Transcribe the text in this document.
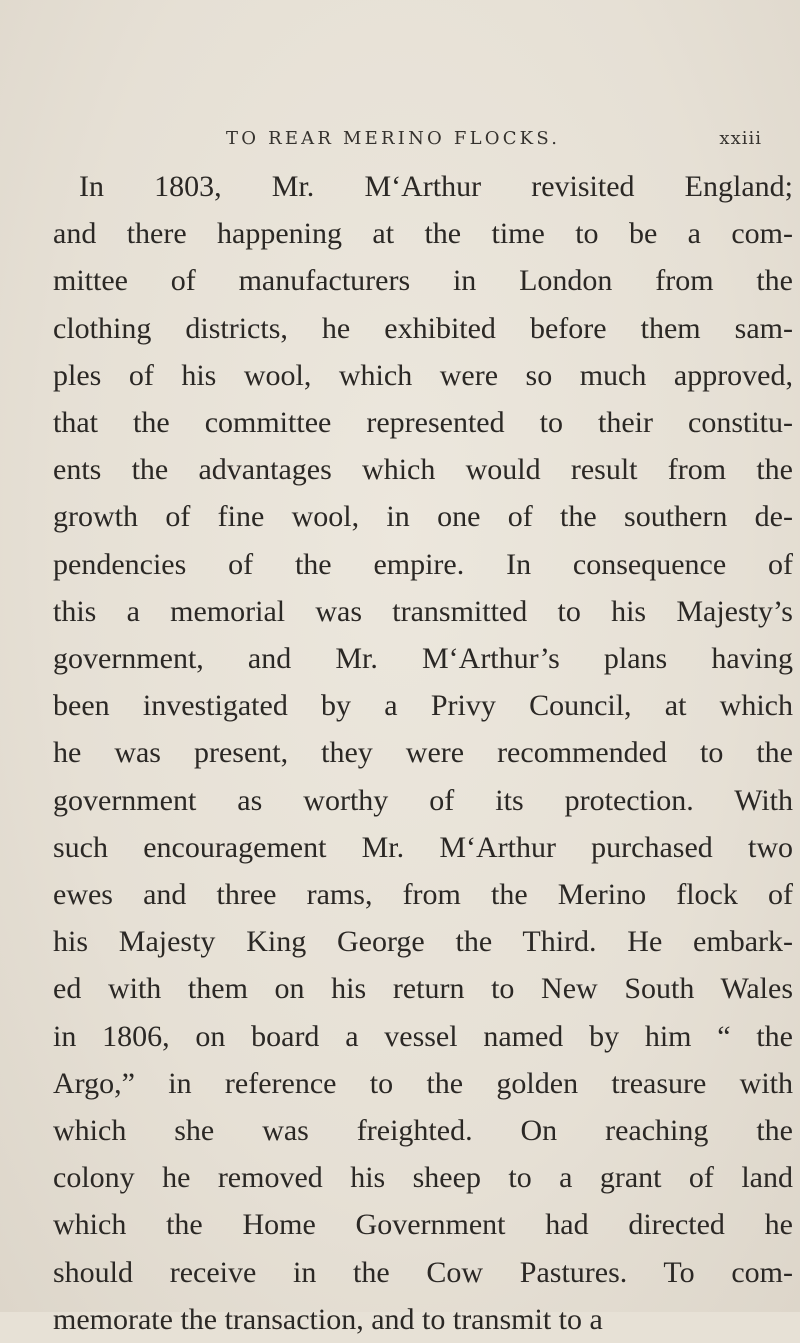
TO REAR MERINO FLOCKS.	xxiii
In 1803, Mr. M‘Arthur revisited England;
and there happening at the time to be a com-
mittee of manufacturers in London from the
clothing districts, he exhibited before them sam-
ples of his wool, which were so much approved,
that the committee represented to their constitu-
ents the advantages which would result from the
growth of fine wool, in one of the southern de-
pendencies of the empire. In consequence of
this a memorial was transmitted to his Majesty’s
government, and Mr. M‘Arthur’s plans having
been investigated by a Privy Council, at which
he was present, they were recommended to the
government as worthy of its protection. With
such encouragement Mr. M‘Arthur purchased two
ewes and three rams, from the Merino flock of
his Majesty King George the Third. He embark-
ed with them on his return to New South Wales
in 1806, on board a vessel named by him “ the
Argo,” in reference to the golden treasure with
which she was freighted. On reaching the
colony he removed his sheep to a grant of land
which the Home Government had directed he
should receive in the Cow Pastures. To com-
memorate the transaction, and to transmit to a
